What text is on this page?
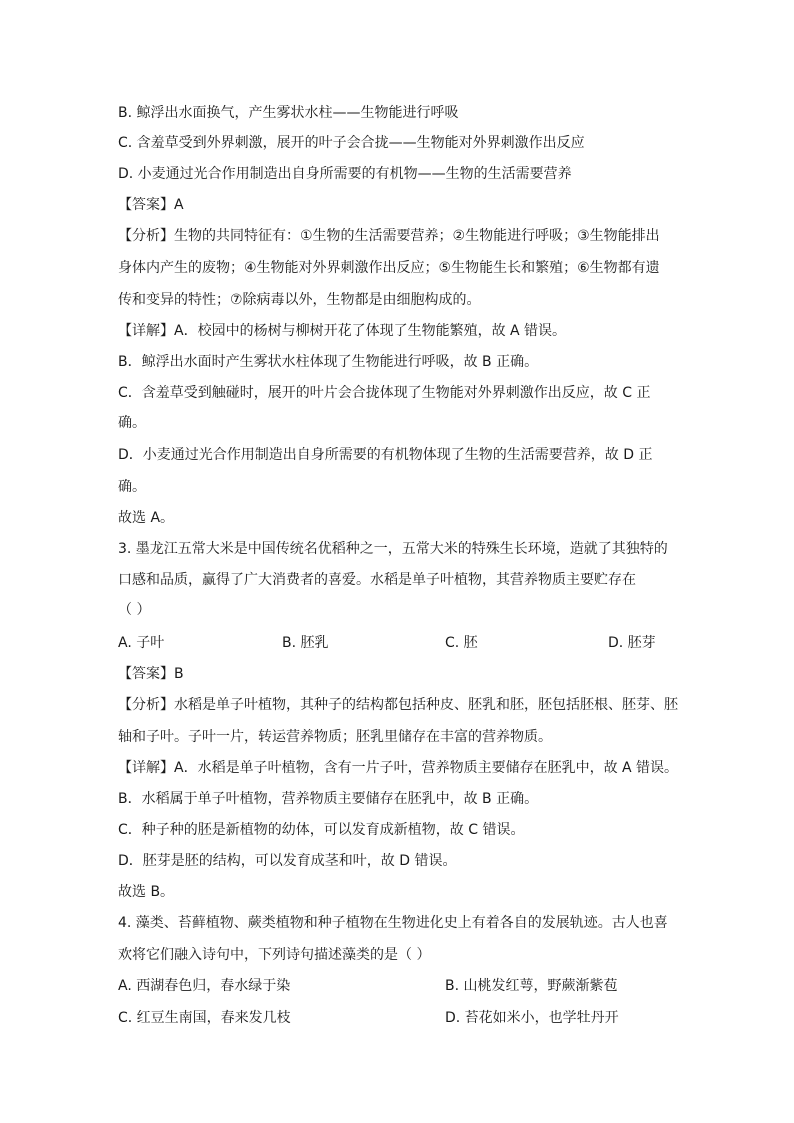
B. 鲸浮出水面换气，产生雾状水柱——生物能进行呼吸
C. 含羞草受到外界刺激，展开的叶子会合拢——生物能对外界刺激作出反应
D. 小麦通过光合作用制造出自身所需要的有机物——生物的生活需要营养
【答案】A
【分析】生物的共同特征有：①生物的生活需要营养；②生物能进行呼吸；③生物能排出
身体内产生的废物；④生物能对外界刺激作出反应；⑤生物能生长和繁殖；⑥生物都有遗
传和变异的特性；⑦除病毒以外，生物都是由细胞构成的。
【详解】A．校园中的杨树与柳树开花了体现了生物能繁殖，故 A 错误。
B．鲸浮出水面时产生雾状水柱体现了生物能进行呼吸，故 B 正确。
C．含羞草受到触碰时，展开的叶片会合拢体现了生物能对外界刺激作出反应，故 C 正
确。
D．小麦通过光合作用制造出自身所需要的有机物体现了生物的生活需要营养，故 D 正
确。
故选 A。
3. 墨龙江五常大米是中国传统名优稻种之一，五常大米的特殊生长环境，造就了其独特的
口感和品质，赢得了广大消费者的喜爱。水稻是单子叶植物，其营养物质主要贮存在
（ ）
A. 子叶	B. 胚乳	C. 胚	D. 胚芽
【答案】B
【分析】水稻是单子叶植物，其种子的结构都包括种皮、胚乳和胚，胚包括胚根、胚芽、胚
轴和子叶。子叶一片，转运营养物质；胚乳里储存在丰富的营养物质。
【详解】A．水稻是单子叶植物，含有一片子叶，营养物质主要储存在胚乳中，故 A 错误。
B．水稻属于单子叶植物，营养物质主要储存在胚乳中，故 B 正确。
C．种子种的胚是新植物的幼体，可以发育成新植物，故 C 错误。
D．胚芽是胚的结构，可以发育成茎和叶，故 D 错误。
故选 B。
4. 藻类、苔藓植物、蕨类植物和种子植物在生物进化史上有着各自的发展轨迹。古人也喜
欢将它们融入诗句中，下列诗句描述藻类的是（ ）
A. 西湖春色归，春水绿于染	B. 山桃发红萼，野蕨渐紫苞
C. 红豆生南国，春来发几枝	D. 苔花如米小，也学牡丹开
